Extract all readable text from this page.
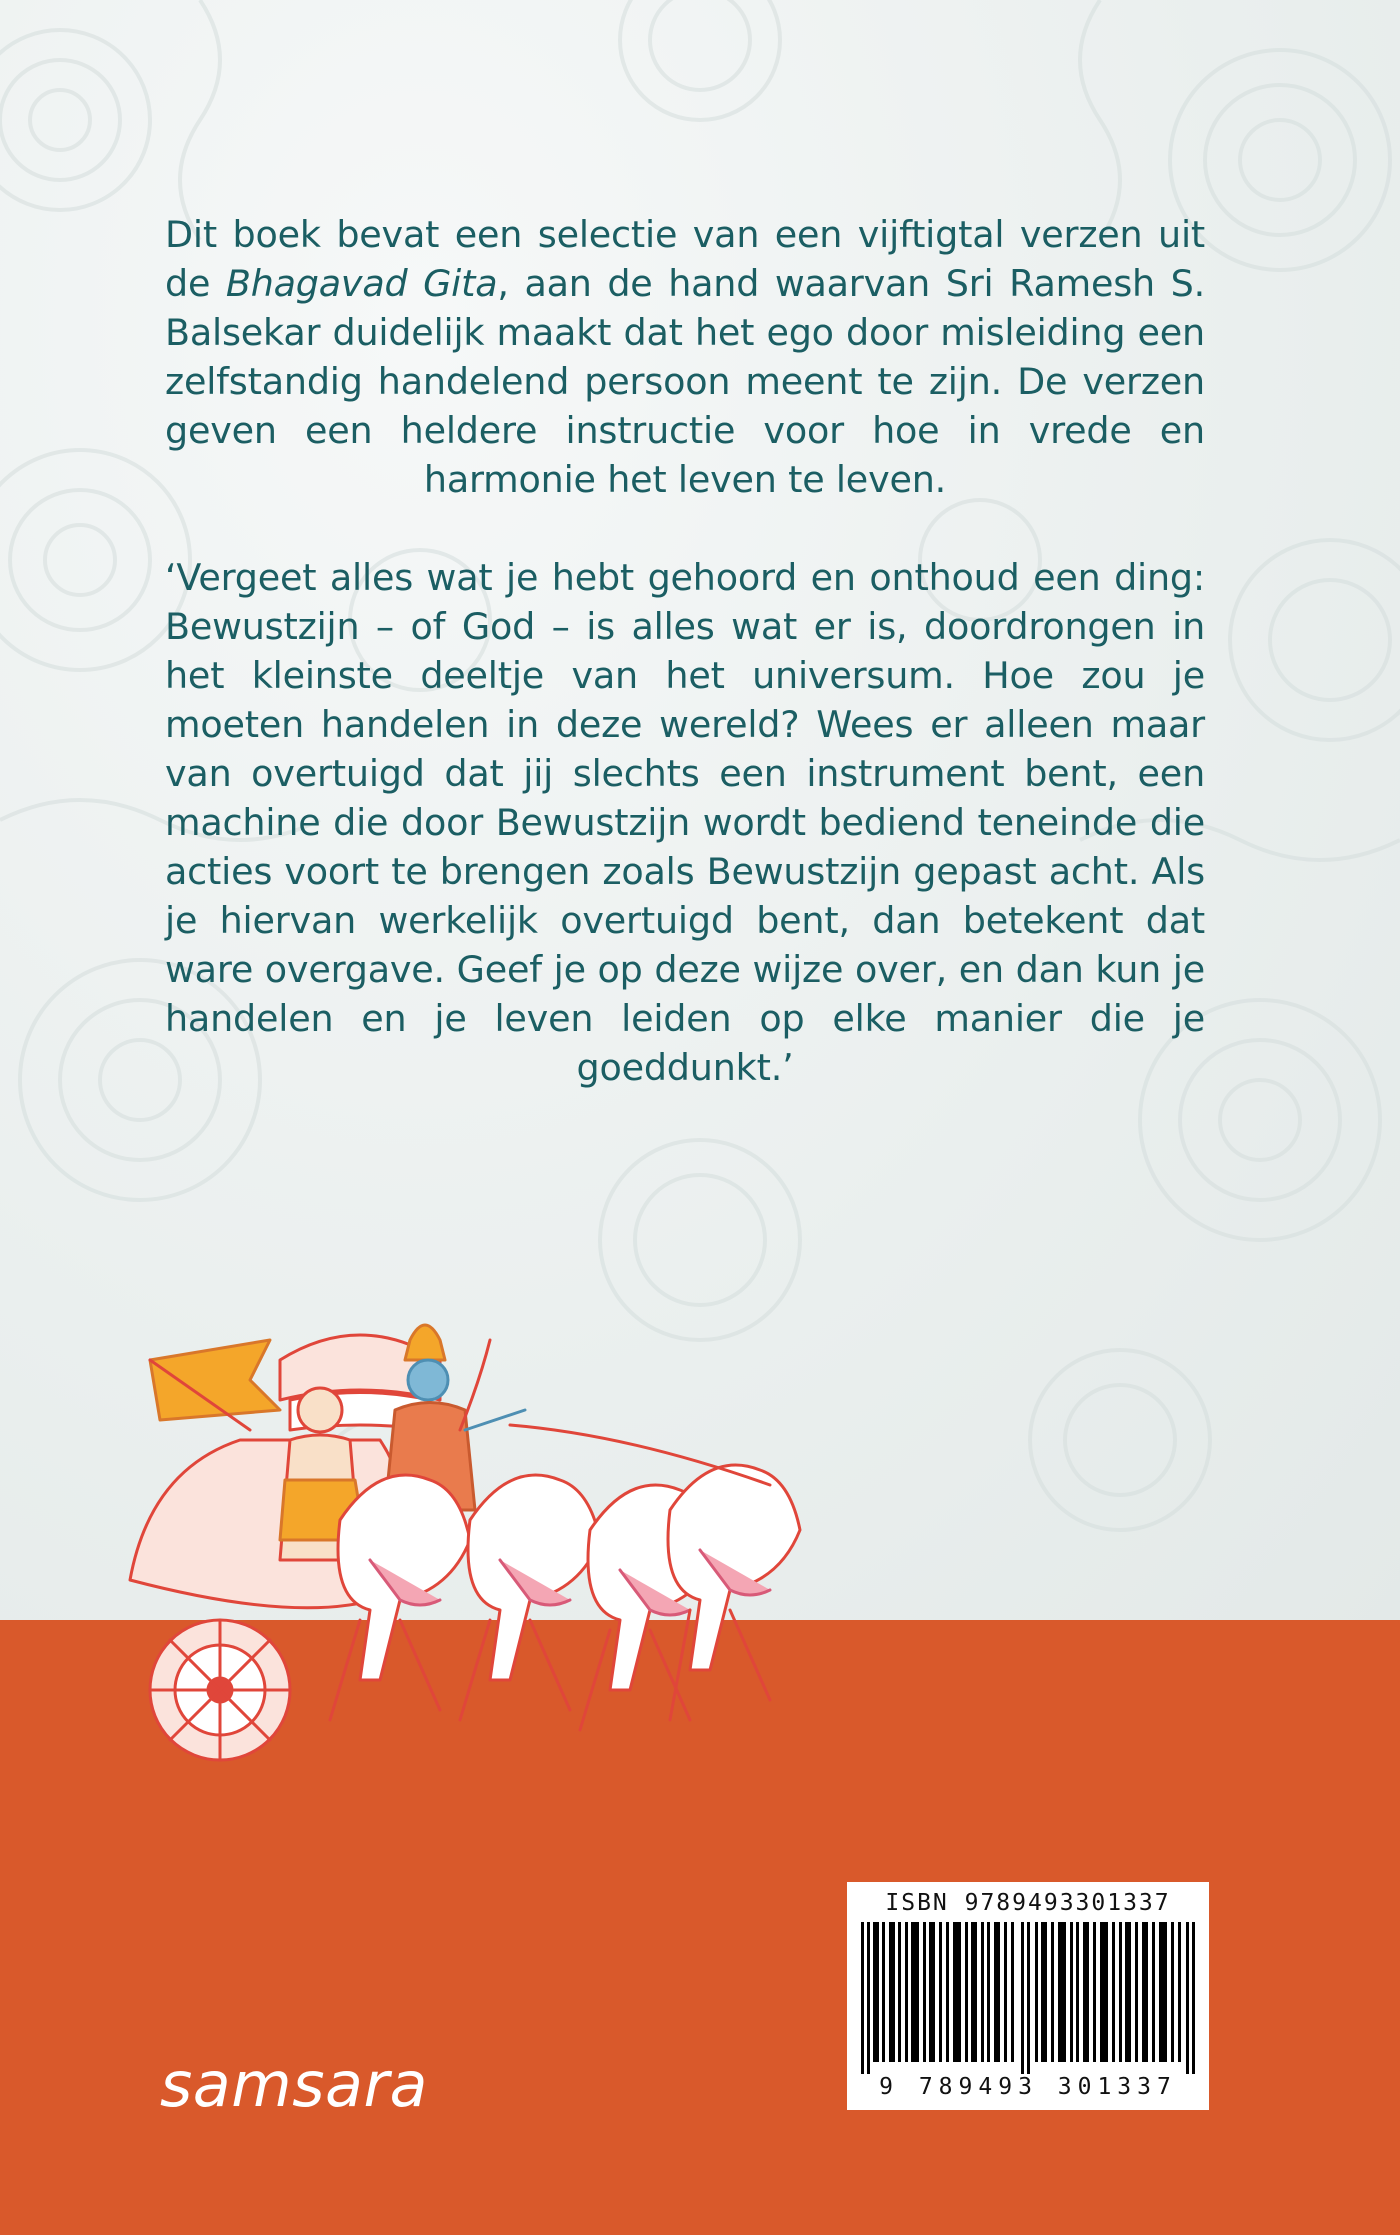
Dit boek bevat een selectie van een vijftigtal verzen uit de Bhagavad Gita, aan de hand waarvan Sri Ramesh S. Balsekar duidelijk maakt dat het ego door misleiding een zelfstandig handelend persoon meent te zijn. De verzen geven een heldere instructie voor hoe in vrede en harmonie het leven te leven.

‘Vergeet alles wat je hebt gehoord en onthoud een ding: Bewustzijn – of God – is alles wat er is, doordrongen in het kleinste deeltje van het universum. Hoe zou je moeten handelen in deze wereld? Wees er alleen maar van overtuigd dat jij slechts een instrument bent, een machine die door Bewustzijn wordt bediend teneinde die acties voort te brengen zoals Bewustzijn gepast acht. Als je hiervan werkelijk overtuigd bent, dan betekent dat ware overgave. Geef je op deze wijze over, en dan kun je handelen en je leven leiden op elke manier die je goeddunkt.’

samsara
ISBN 9789493301337
9 789493 301337
